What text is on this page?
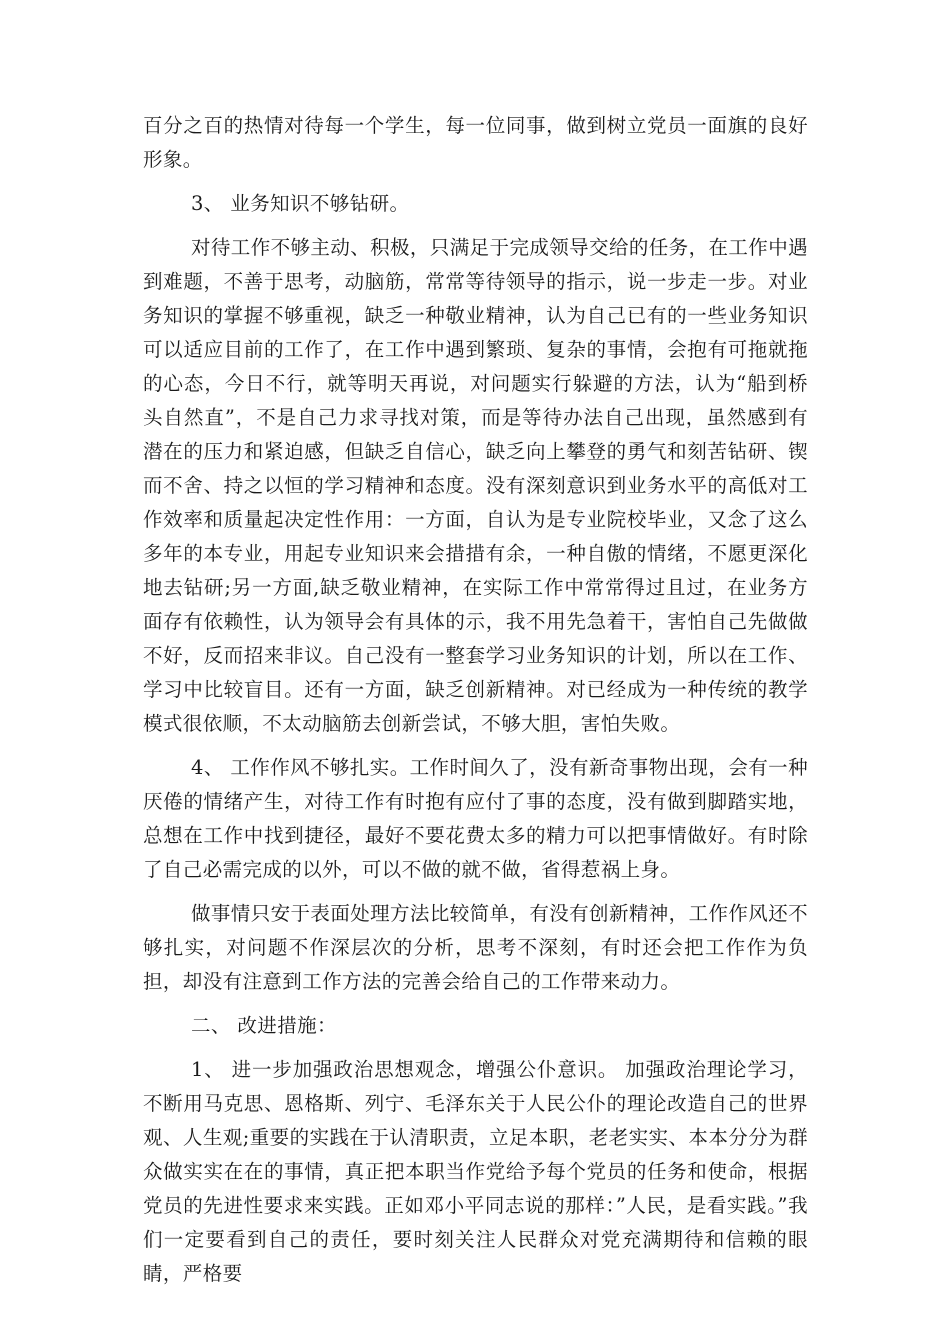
百分之百的热情对待每一个学生，每一位同事，做到树立党员一面旗的良好形象。

3、 业务知识不够钻研。

对待工作不够主动、积极，只满足于完成领导交给的任务，在工作中遇到难题，不善于思考，动脑筋，常常等待领导的指示，说一步走一步。对业务知识的掌握不够重视，缺乏一种敬业精神，认为自己已有的一些业务知识可以适应目前的工作了，在工作中遇到繁琐、复杂的事情，会抱有可拖就拖的心态，今日不行，就等明天再说，对问题实行躲避的方法，认为“船到桥头自然直”，不是自己力求寻找对策，而是等待办法自己出现，虽然感到有潜在的压力和紧迫感，但缺乏自信心，缺乏向上攀登的勇气和刻苦钻研、锲而不舍、持之以恒的学习精神和态度。没有深刻意识到业务水平的高低对工作效率和质量起决定性作用：一方面，自认为是专业院校毕业，又念了这么多年的本专业，用起专业知识来会措措有余，一种自傲的情绪，不愿更深化地去钻研;另一方面,缺乏敬业精神，在实际工作中常常得过且过，在业务方面存有依赖性，认为领导会有具体的示，我不用先急着干，害怕自己先做做不好，反而招来非议。自己没有一整套学习业务知识的计划，所以在工作、学习中比较盲目。还有一方面，缺乏创新精神。对已经成为一种传统的教学模式很依顺，不太动脑筋去创新尝试，不够大胆，害怕失败。

4、 工作作风不够扎实。工作时间久了，没有新奇事物出现，会有一种厌倦的情绪产生，对待工作有时抱有应付了事的态度，没有做到脚踏实地，总想在工作中找到捷径，最好不要花费太多的精力可以把事情做好。有时除了自己必需完成的以外，可以不做的就不做，省得惹祸上身。

做事情只安于表面处理方法比较简单，有没有创新精神，工作作风还不够扎实，对问题不作深层次的分析，思考不深刻，有时还会把工作作为负担，却没有注意到工作方法的完善会给自己的工作带来动力。

二、 改进措施：

1、 进一步加强政治思想观念，增强公仆意识。 加强政治理论学习，不断用马克思、恩格斯、列宁、毛泽东关于人民公仆的理论改造自己的世界观、人生观;重要的实践在于认清职责，立足本职，老老实实、本本分分为群众做实实在在的事情，真正把本职当作党给予每个党员的任务和使命，根据党员的先进性要求来实践。正如邓小平同志说的那样：”人民，是看实践。”我们一定要看到自己的责任，要时刻关注人民群众对党充满期待和信赖的眼睛，严格要
